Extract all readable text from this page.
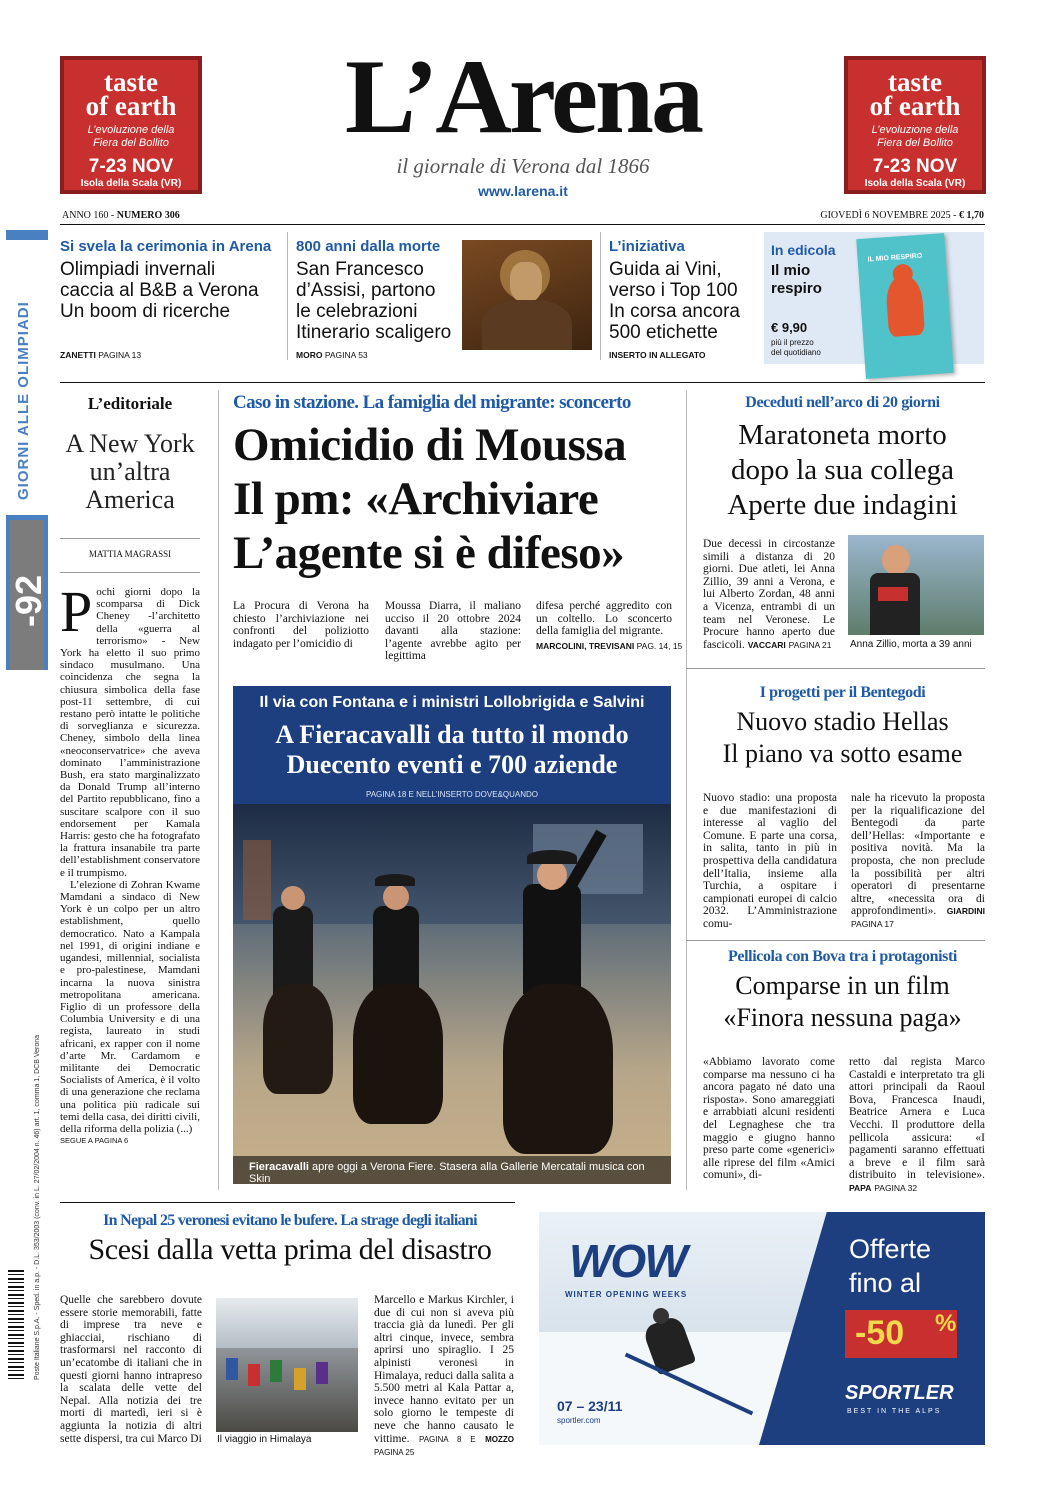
taste
of earth
L’evoluzione della
Fiera del Bollito
7-23 NOV
Isola della Scala (VR)
L’Arena
il giornale di Verona dal 1866
www.larena.it
taste
of earth
L’evoluzione della
Fiera del Bollito
7-23 NOV
Isola della Scala (VR)
ANNO 160 - NUMERO 306	GIOVEDÌ 6 NOVEMBRE 2025 - € 1,70
GIORNI ALLE OLIMPIADI
-92
Poste Italiane S.p.A. - Sped. in a.p. - D.L. 353/2003 (conv. in L. 27/02/2004 n. 46) art. 1, comma 1, DCB Verona
Si svela la cerimonia in Arena
Olimpiadi invernali
caccia al B&B a Verona
Un boom di ricerche
ZANETTI PAGINA 13
800 anni dalla morte
San Francesco
d’Assisi, partono
le celebrazioni
Itinerario scaligero
MORO PAGINA 53
L’iniziativa
Guida ai Vini,
verso i Top 100
In corsa ancora
500 etichette
INSERTO IN ALLEGATO
In edicola
Il mio
respiro
€ 9,90
più il prezzo
del quotidiano
IL MIO RESPIRO
L’editoriale
A New York
un’altra
America
MATTIA MAGRASSI
Pochi giorni dopo la scomparsa di Dick Cheney -l’architetto della «guerra al terrorismo» - New York ha eletto il suo primo sindaco musulmano. Una coincidenza che segna la chiusura simbolica della fase post-11 settembre, di cui restano però intatte le politiche di sorveglianza e sicurezza. Cheney, simbolo della linea «neoconservatrice» che aveva dominato l’amministrazione Bush, era stato marginalizzato da Donald Trump all’interno del Partito repubblicano, fino a suscitare scalpore con il suo endorsement per Kamala Harris: gesto che ha fotografato la frattura insanabile tra parte dell’establishment conservatore e il trumpismo.
L’elezione di Zohran Kwame Mamdani a sindaco di New York è un colpo per un altro establishment, quello democratico. Nato a Kampala nel 1991, di origini indiane e ugandesi, millennial, socialista e pro-palestinese, Mamdani incarna la nuova sinistra metropolitana americana. Figlio di un professore della Columbia University e di una regista, laureato in studi africani, ex rapper con il nome d’arte Mr. Cardamom e militante dei Democratic Socialists of America, è il volto di una generazione che reclama una politica più radicale sui temi della casa, dei diritti civili, della riforma della polizia (...)
SEGUE A PAGINA 6
Caso in stazione. La famiglia del migrante: sconcerto
Omicidio di Moussa
Il pm: «Archiviare
L’agente si è difeso»
La Procura di Verona ha chiesto l’archiviazione nei confronti del poliziotto indagato per l’omicidio di
Moussa Diarra, il maliano ucciso il 20 ottobre 2024 davanti alla stazione: l’agente avrebbe agito per legittima
difesa perché aggredito con un coltello. Lo sconcerto della famiglia del migrante.
MARCOLINI, TREVISANI PAG. 14, 15
Deceduti nell’arco di 20 giorni
Maratoneta morto
dopo la sua collega
Aperte due indagini
Due decessi in circostanze simili a distanza di 20 giorni. Due atleti, lei Anna Zillio, 39 anni a Verona, e lui Alberto Zordan, 48 anni a Vicenza, entrambi di un team nel Veronese. Le Procure hanno aperto due fascicoli. VACCARI PAGINA 21	Anna Zillio, morta a 39 anni
Il via con Fontana e i ministri Lollobrigida e Salvini
A Fieracavalli da tutto il mondo
Duecento eventi e 700 aziende
PAGINA 18 E NELL’INSERTO DOVE&QUANDO
Fieracavalli apre oggi a Verona Fiere. Stasera alla Gallerie Mercatali musica con Skin
I progetti per il Bentegodi
Nuovo stadio Hellas
Il piano va sotto esame
Nuovo stadio: una proposta e due manifestazioni di interesse al vaglio del Comune. E parte una corsa, in salita, tanto in più in prospettiva della candidatura dell’Italia, insieme alla Turchia, a ospitare i campionati europei di calcio 2032. L’Amministrazione comu-
nale ha ricevuto la proposta per la riqualificazione del Bentegodi da parte dell’Hellas: «Importante e positiva novità. Ma la proposta, che non preclude la possibilità per altri operatori di presentarne altre, «necessita ora di approfondimenti». GIARDINI PAGINA 17
Pellicola con Bova tra i protagonisti
Comparse in un film
«Finora nessuna paga»
«Abbiamo lavorato come comparse ma nessuno ci ha ancora pagato né dato una risposta». Sono amareggiati e arrabbiati alcuni residenti del Legnaghese che tra maggio e giugno hanno preso parte come «generici» alle riprese del film «Amici comuni», di-
retto dal regista Marco Castaldi e interpretato tra gli attori principali da Raoul Bova, Francesca Inaudi, Beatrice Arnera e Luca Vecchi. Il produttore della pellicola assicura: «I pagamenti saranno effettuati a breve e il film sarà distribuito in televisione». PAPA PAGINA 32
In Nepal 25 veronesi evitano le bufere. La strage degli italiani
Scesi dalla vetta prima del disastro
Quelle che sarebbero dovute essere storie memorabili, fatte di imprese tra neve e ghiacciai, rischiano di trasformarsi nel racconto di un’ecatombe di italiani che in questi giorni hanno intrapreso la scalata delle vette del Nepal. Alla notizia dei tre morti di martedì, ieri si è aggiunta la notizia di altri sette dispersi, tra cui Marco Di Il viaggio in Himalaya
Marcello e Markus Kirchler, i due di cui non si aveva più traccia già da lunedì. Per gli altri cinque, invece, sembra aprirsi uno spiraglio. I 25 alpinisti veronesi in Himalaya, reduci dalla salita a 5.500 metri al Kala Pattar a, invece hanno evitato per un solo giorno le tempeste di neve che hanno causato le vittime. PAGINA 8 E MOZZO PAGINA 25
WOW
WINTER OPENING WEEKS
07 – 23/11
sportler.com
Offerte
fino al
-50 %
SPORTLER
BEST IN THE ALPS
